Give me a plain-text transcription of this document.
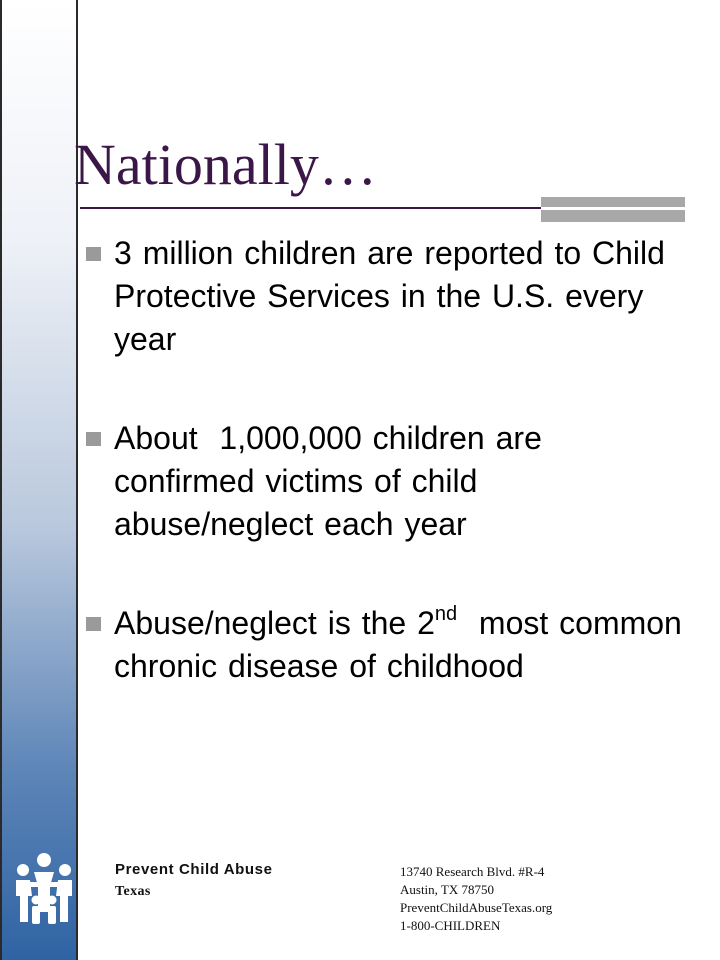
Nationally…
3 million children are reported to Child Protective Services in the U.S. every year
About  1,000,000 children are confirmed victims of child abuse/neglect each year
Abuse/neglect is the 2nd  most common chronic disease of childhood
Prevent Child Abuse
Texas
13740 Research Blvd. #R-4
Austin, TX 78750
PreventChildAbuseTexas.org
1-800-CHILDREN
